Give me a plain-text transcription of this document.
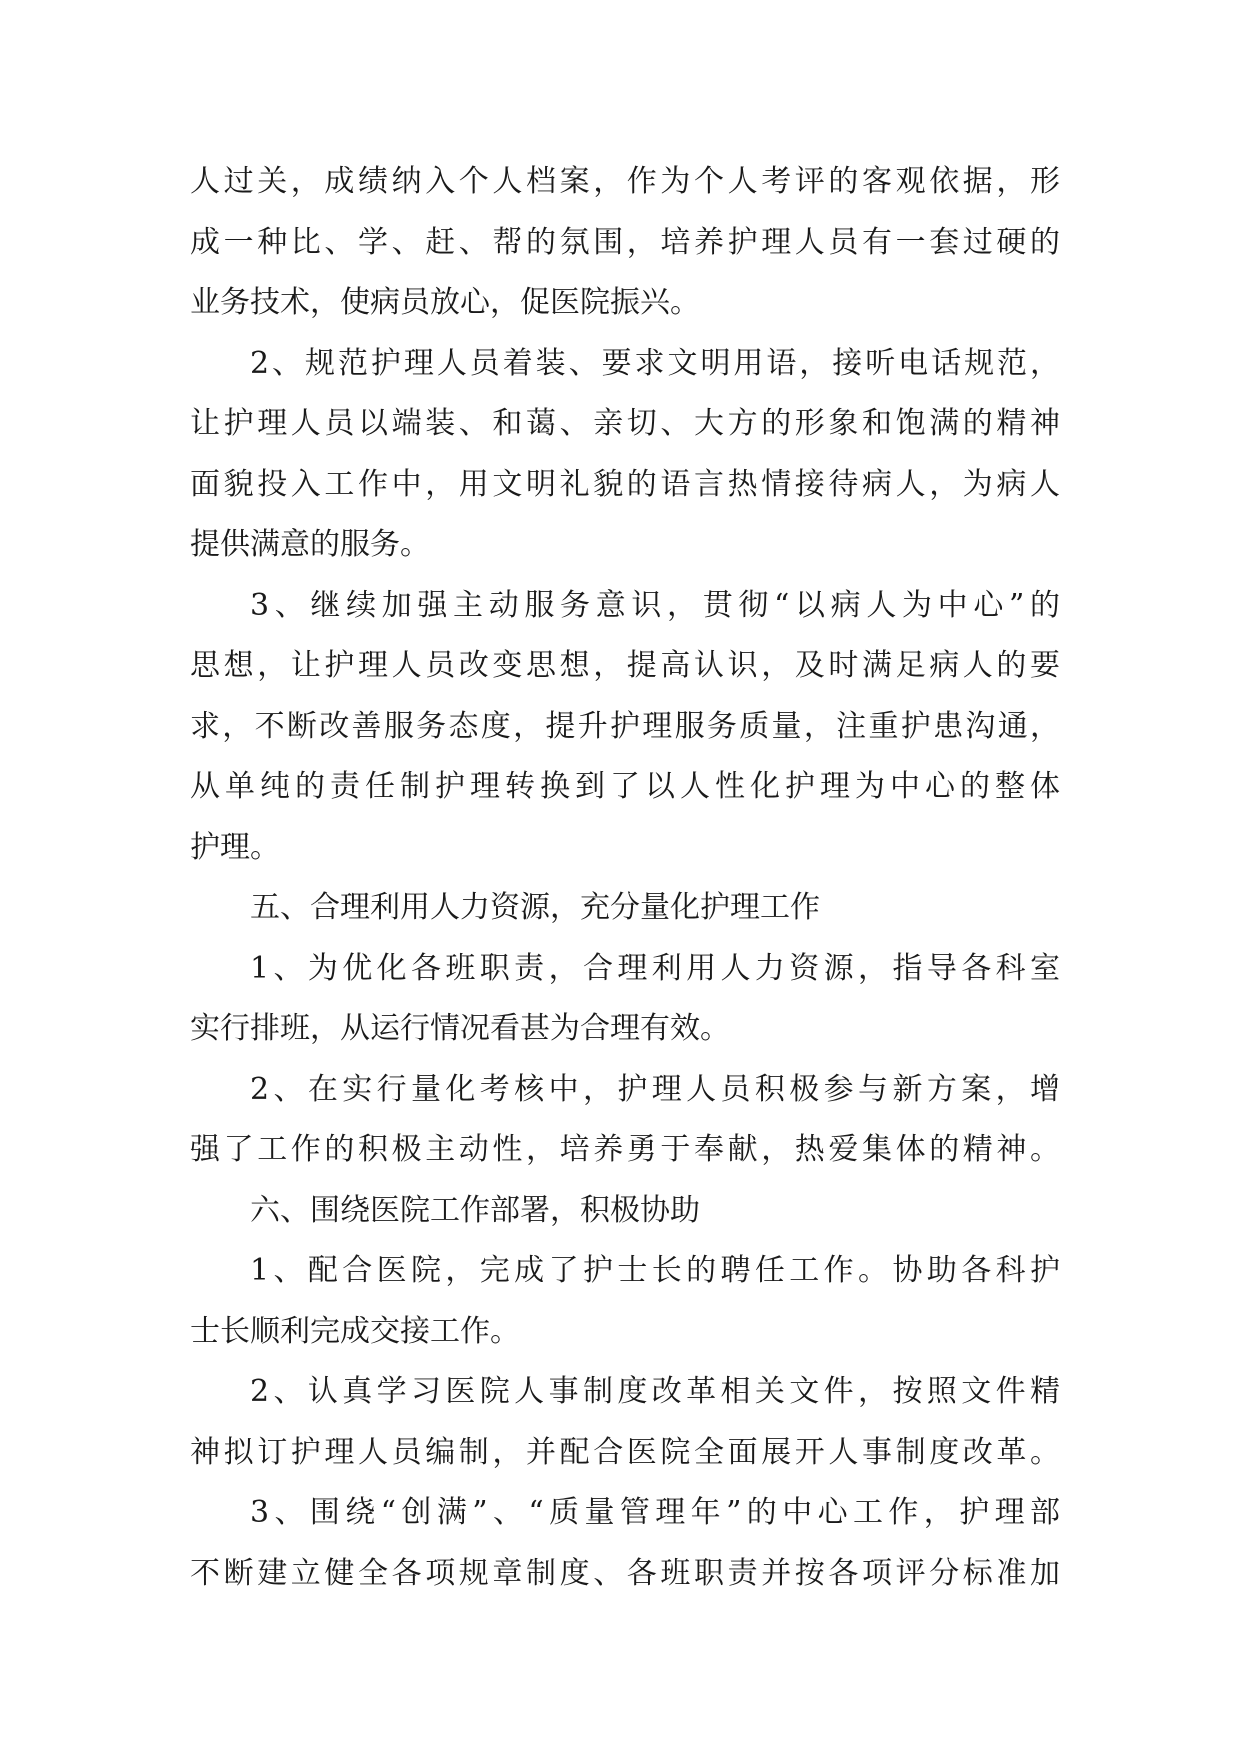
人过关，成绩纳入个人档案，作为个人考评的客观依据，形
成一种比、学、赶、帮的氛围，培养护理人员有一套过硬的
业务技术，使病员放心，促医院振兴。
2、规范护理人员着装、要求文明用语，接听电话规范，
让护理人员以端装、和蔼、亲切、大方的形象和饱满的精神
面貌投入工作中，用文明礼貌的语言热情接待病人，为病人
提供满意的服务。
3、继续加强主动服务意识，贯彻“以病人为中心”的
思想，让护理人员改变思想，提高认识，及时满足病人的要
求，不断改善服务态度，提升护理服务质量，注重护患沟通，
从单纯的责任制护理转换到了以人性化护理为中心的整体
护理。
五、合理利用人力资源，充分量化护理工作
1、为优化各班职责，合理利用人力资源，指导各科室
实行排班，从运行情况看甚为合理有效。
2、在实行量化考核中，护理人员积极参与新方案，增
强了工作的积极主动性，培养勇于奉献，热爱集体的精神。
六、围绕医院工作部署，积极协助
1、配合医院，完成了护士长的聘任工作。协助各科护
士长顺利完成交接工作。
2、认真学习医院人事制度改革相关文件，按照文件精
神拟订护理人员编制，并配合医院全面展开人事制度改革。
3、围绕“创满”、“质量管理年”的中心工作，护理部
不断建立健全各项规章制度、各班职责并按各项评分标准加
